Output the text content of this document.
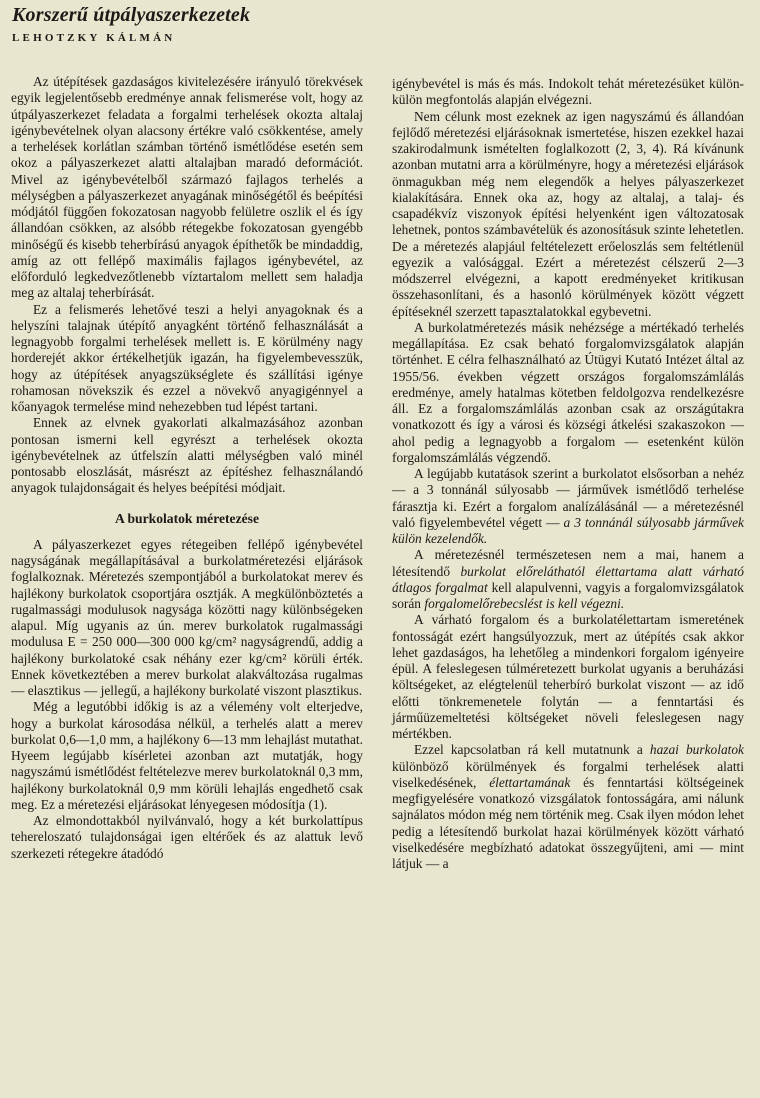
Korszerű útpályaszerkezetek
LEHOTZKY KÁLMÁN

Az útépítések gazdaságos kivitelezésére irányuló törekvések egyik legjelentősebb eredménye annak felismerése volt, hogy az útpályaszerkezet feladata a forgalmi terhelések okozta altalaj igénybevételnek olyan alacsony értékre való csökkentése, amely a terhelések korlátlan számban történő ismétlődése esetén sem okoz a pályaszerkezet alatti altalajban maradó deformációt. Mivel az igénybevételből származó fajlagos terhelés a mélységben a pályaszerkezet anyagának minőségétől és beépítési módjától függően fokozatosan nagyobb felületre oszlik el és így állandóan csökken, az alsóbb rétegekbe fokozatosan gyengébb minőségű és kisebb teherbírású anyagok építhetők be mindaddig, amíg az ott fellépő maximális fajlagos igénybevétel, az előforduló legkedvezőtlenebb víztartalom mellett sem haladja meg az altalaj teherbírását.

Ez a felismerés lehetővé teszi a helyi anyagoknak és a helyszíni talajnak útépítő anyagként történő felhasználását a legnagyobb forgalmi terhelések mellett is. E körülmény nagy horderejét akkor értékelhetjük igazán, ha figyelembevesszük, hogy az útépítések anyagszükséglete és szállítási igénye rohamosan növekszik és ezzel a növekvő anyagigénnyel a kőanyagok termelése mind nehezebben tud lépést tartani.

Ennek az elvnek gyakorlati alkalmazásához azonban pontosan ismerni kell egyrészt a terhelések okozta igénybevételnek az útfelszín alatti mélységben való minél pontosabb eloszlását, másrészt az építéshez felhasználandó anyagok tulajdonságait és helyes beépítési módjait.

A burkolatok méretezése

A pályaszerkezet egyes rétegeiben fellépő igénybevétel nagyságának megállapításával a burkolatméretezési eljárások foglalkoznak. Méretezés szempontjából a burkolatokat merev és hajlékony burkolatok csoportjára osztják. A megkülönböztetés a rugalmassági modulusok nagysága közötti nagy különbségeken alapul. Míg ugyanis az ún. merev burkolatok rugalmassági modulusa E = 250 000—300 000 kg/cm² nagyságrendű, addig a hajlékony burkolatoké csak néhány ezer kg/cm² körüli érték. Ennek következtében a merev burkolat alakváltozása rugalmas — elasztikus — jellegű, a hajlékony burkolaté viszont plasztikus.

Még a legutóbbi időkig is az a vélemény volt elterjedve, hogy a burkolat károsodása nélkül, a terhelés alatt a merev burkolat 0,6—1,0 mm, a hajlékony 6—13 mm lehajlást mutathat. Hyeem legújabb kísérletei azonban azt mutatják, hogy nagyszámú ismétlődést feltételezve merev burkolatoknál 0,3 mm, hajlékony burkolatoknál 0,9 mm körüli lehajlás engedhető csak meg. Ez a méretezési eljárásokat lényegesen módosítja (1).

Az elmondottakból nyilvánvaló, hogy a két burkolattípus tehereloszató tulajdonságai igen eltérőek és az alattuk levő szerkezeti rétegekre átadódó

igénybevétel is más és más. Indokolt tehát méretezésüket külön-külön megfontolás alapján elvégezni.

Nem célunk most ezeknek az igen nagyszámú és állandóan fejlődő méretezési eljárásoknak ismertetése, hiszen ezekkel hazai szakirodalmunk ismételten foglalkozott (2, 3, 4). Rá kívánunk azonban mutatni arra a körülményre, hogy a méretezési eljárások önmagukban még nem elegendők a helyes pályaszerkezet kialakítására. Ennek oka az, hogy az altalaj, a talaj- és csapadékvíz viszonyok építési helyenként igen változatosak lehetnek, pontos számbavételük és azonosításuk szinte lehetetlen. De a méretezés alapjául feltételezett erőeloszlás sem feltétlenül egyezik a valósággal. Ezért a méretezést célszerű 2—3 módszerrel elvégezni, a kapott eredményeket kritikusan összehasonlítani, és a hasonló körülmények között végzett építéseknél szerzett tapasztalatokkal egybevetni.

A burkolatméretezés másik nehézsége a mértékadó terhelés megállapítása. Ez csak beható forgalomvizsgálatok alapján történhet. E célra felhasználható az Útügyi Kutató Intézet által az 1955/56. években végzett országos forgalomszámlálás eredménye, amely hatalmas kötetben feldolgozva rendelkezésre áll. Ez a forgalomszámlálás azonban csak az országútakra vonatkozott és így a városi és községi átkelési szakaszokon — ahol pedig a legnagyobb a forgalom — esetenként külön forgalomszámlálás végzendő.

A legújabb kutatások szerint a burkolatot elsősorban a nehéz — a 3 tonnánál súlyosabb — járművek ismétlődő terhelése fárasztja ki. Ezért a forgalom analízálásánál — a méretezésnél való figyelembevétel végett — a 3 tonnánál súlyosabb járművek külön kezelendők.

A méretezésnél természetesen nem a mai, hanem a létesítendő burkolat előreláthatól élettartama alatt várható átlagos forgalmat kell alapulvenni, vagyis a forgalomvizsgálatok során forgalomelőrebecslést is kell végezni.

A várható forgalom és a burkolatélettartam ismeretének fontosságát ezért hangsúlyozzuk, mert az útépítés csak akkor lehet gazdaságos, ha lehetőleg a mindenkori forgalom igényeire épül. A feleslegesen túlméretezett burkolat ugyanis a beruházási költségeket, az elégtelenül teherbíró burkolat viszont — az idő előtti tönkremenetele folytán — a fenntartási és járműüzemeltetési költségeket növeli feleslegesen nagy mértékben.

Ezzel kapcsolatban rá kell mutatnunk a hazai burkolatok különböző körülmények és forgalmi terhelések alatti viselkedésének, élettartamának és fenntartási költségeinek megfigyelésére vonatkozó vizsgálatok fontosságára, ami nálunk sajnálatos módon még nem történik meg. Csak ilyen módon lehet pedig a létesítendő burkolat hazai körülmények között várható viselkedésére megbízható adatokat összegyűjteni, ami — mint látjuk — a
